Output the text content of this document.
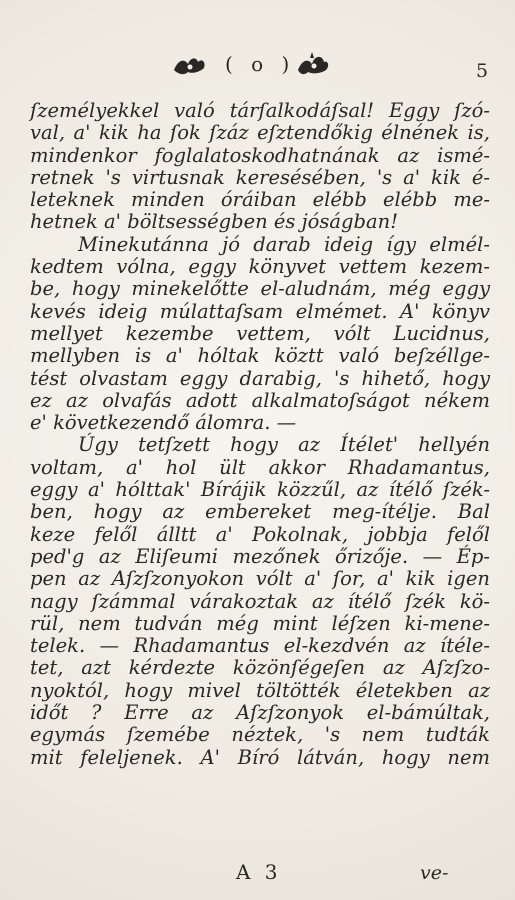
( o )	5
ſzemélyekkel való tárſalkodáſsal! Eggy ſzó-
val, a' kik ha ſok ſzáz eſztendőkig élnének is,
mindenkor foglalatoskodhatnának az ismé-
retnek 's virtusnak keresésében, 's a' kik é-
leteknek minden óráiban elébb elébb me-
hetnek a' böltsességben és jóságban!
Minekutánna jó darab ideig így elmél-
kedtem vólna, eggy könyvet vettem kezem-
be, hogy minekelőtte el-aludnám, még eggy
kevés ideig múlattaſsam elmémet. A' könyv
mellyet kezembe vettem, vólt Lucidnus,
mellyben is a' hóltak köztt való beſzéllge-
tést olvastam eggy darabig, 's hihető, hogy
ez az olvafás adott alkalmatoſságot nékem
e' következendő álomra. —
Úgy tetſzett hogy az Ítélet' hellyén
voltam, a' hol ült akkor Rhadamantus,
eggy a' hólttak' Bírájik közzűl, az ítélő ſzék-
ben, hogy az embereket meg-ítélje. Bal
keze felől álltt a' Pokolnak, jobbja felől
ped'g az Eliſeumi mezőnek őrizője. — Ép-
pen az Aſzſzonyokon vólt a' ſor, a' kik igen
nagy ſzámmal várakoztak az ítélő ſzék kö-
rül, nem tudván még mint léſzen ki-mene-
telek. — Rhadamantus el-kezdvén az ítéle-
tet, azt kérdezte közönſégeſen az Aſzſzo-
nyoktól, hogy mivel töltötték életekben az
időt ? Erre az Aſzſzonyok el-bámúltak,
egymás ſzemébe néztek, 's nem tudták
mit feleljenek. A' Bíró látván, hogy nem
A 3	ve-
